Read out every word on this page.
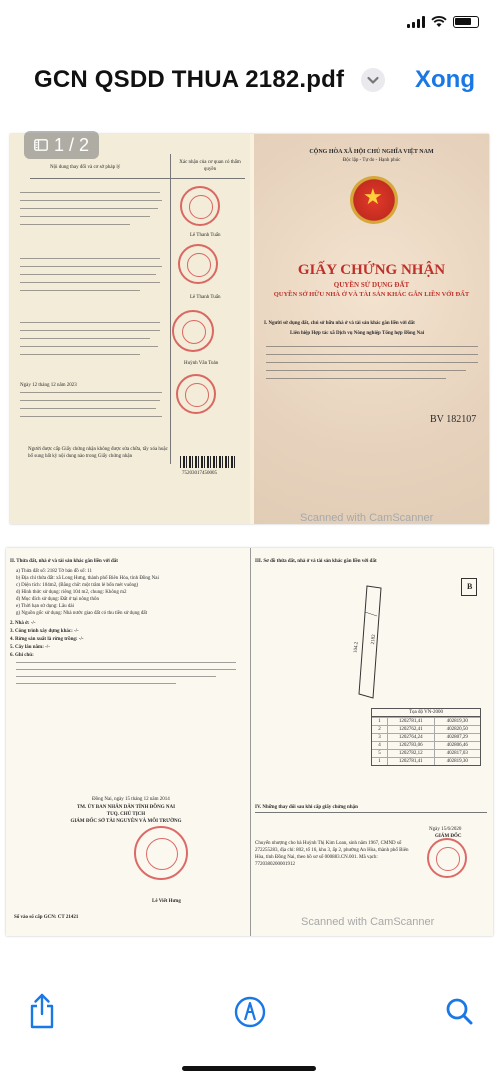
GCN QSDD THUA 2182.pdf	Xong
Nội dung thay đổi và cơ sở pháp lý
Xác nhận của cơ quan có thẩm quyền
Lê Thanh Tuấn
Lê Thanh Tuấn
Huỳnh Văn Toản
Ngày 12 tháng 12 năm 2023
Người được cấp Giấy chứng nhận không được sửa chữa, tẩy xóa hoặc bổ sung bất kỳ nội dung nào trong Giấy chứng nhận
75203017450005
CỘNG HÒA XÃ HỘI CHỦ NGHĨA VIỆT NAM
Độc lập - Tự do - Hạnh phúc
★
GIẤY CHỨNG NHẬN
QUYỀN SỬ DỤNG ĐẤT
QUYỀN SỞ HỮU NHÀ Ở VÀ TÀI SẢN KHÁC GẮN LIỀN VỚI ĐẤT
I. Người sử dụng đất, chủ sở hữu nhà ở và tài sản khác gắn liền với đất
Liên hiệp Hợp tác xã Dịch vụ Nông nghiệp Tổng hợp Đồng Nai
BV 182107
Scanned with CamScanner
II. Thửa đất, nhà ở và tài sản khác gắn liền với đất
a) Thửa đất số: 2182 Tờ bản đồ số: 11
b) Địa chỉ thửa đất: xã Long Hưng, thành phố Biên Hòa, tỉnh Đồng Nai
c) Diện tích: 104m2, (Bằng chữ: một trăm lẻ bốn mét vuông)
d) Hình thức sử dụng: riêng 104 m2, chung: Không m2
đ) Mục đích sử dụng: Đất ở tại nông thôn
e) Thời hạn sử dụng: Lâu dài
g) Nguồn gốc sử dụng: Nhà nước giao đất có thu tiền sử dụng đất
2. Nhà ở: -/-
3. Công trình xây dựng khác: -/-
4. Rừng sản xuất là rừng trồng: -/-
5. Cây lâu năm: -/-
6. Ghi chú:
Đồng Nai, ngày 15 tháng 12 năm 2014
TM. ỦY BAN NHÂN DÂN TỈNH ĐỒNG NAI
TUQ. CHỦ TỊCH
GIÁM ĐỐC SỞ TÀI NGUYÊN VÀ MÔI TRƯỜNG
Lê Viết Hưng
Số vào sổ cấp GCN: CT 21421
III. Sơ đồ thửa đất, nhà ở và tài sản khác gắn liền với đất
B
2182
104.2
Tọa độ VN-2000
1	1202781,41	402819,30
2	1202762,41	402820,50
3	1202764,24	402807,29
4	1202783,06	402806,46
5	1202782,12	402817,03
1	1202781,41	402819,30
IV. Những thay đổi sau khi cấp giấy chứng nhận
Chuyển nhượng cho bà Huỳnh Thị Kim Loan, sinh năm 1967, CMND số 272255283, địa chỉ: 802, tổ 16, khu 3, ấp 2, phường An Hòa, thành phố Biên Hòa, tỉnh Đồng Nai, theo hồ sơ số 000883.CN.001. Mã vạch: 7720380200001912
Ngày 15/6/2020
GIÁM ĐỐC
Scanned with CamScanner
1 / 2
